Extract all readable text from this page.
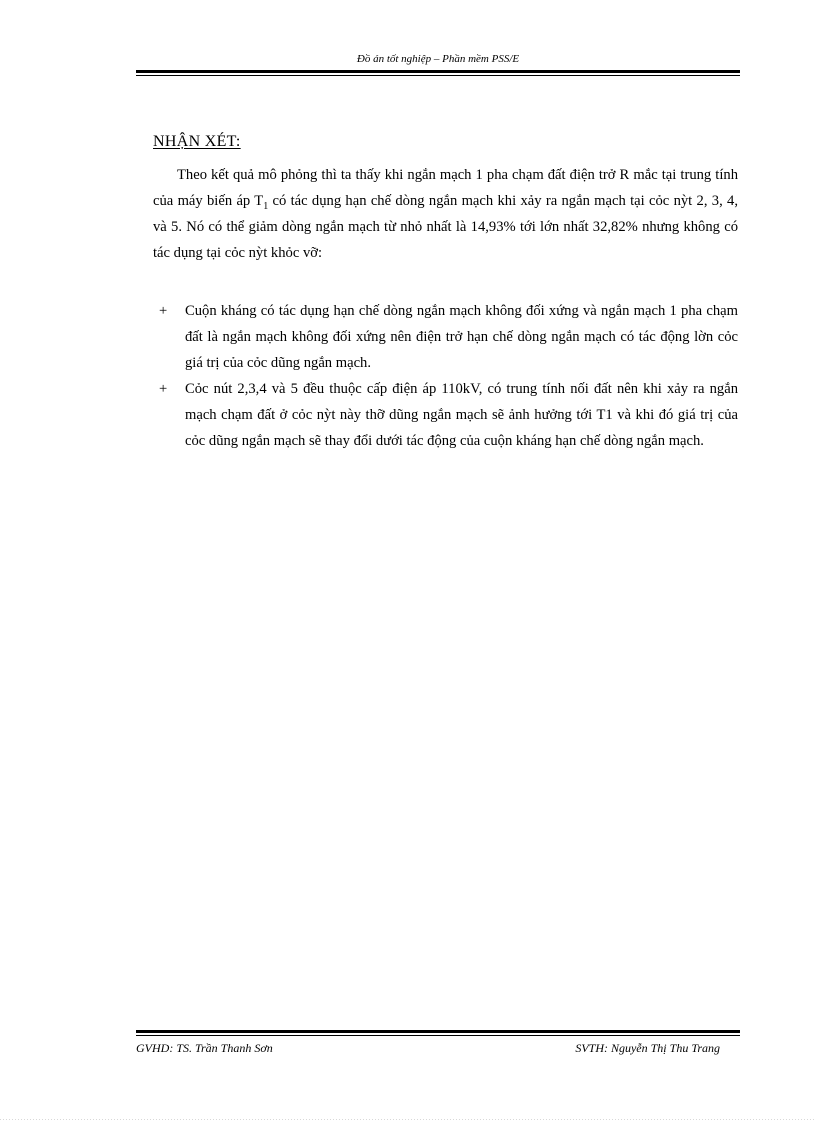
Đồ án tốt nghiệp – Phần mềm PSS/E
NHẬN XÉT:

Theo kết quả mô phỏng thì ta thấy khi ngắn mạch 1 pha chạm đất điện trở R mắc tại trung tính của máy biến áp $T_1$ có tác dụng hạn chế dòng ngắn mạch khi xảy ra ngắn mạch tại cỏc nỳt 2, 3, 4, và 5. Nó có thể giảm dòng ngắn mạch từ nhỏ nhất là 14,93% tới lớn nhất 32,82% nhưng không có tác dụng tại cỏc nỳt khỏc vỡ:

+ Cuộn kháng có tác dụng hạn chế dòng ngắn mạch không đối xứng và ngắn mạch 1 pha chạm đất là ngắn mạch không đối xứng nên điện trở hạn chế dòng ngắn mạch có tác động lờn cỏc giá trị của cỏc dũng ngắn mạch.
+ Cỏc nút 2,3,4 và 5 đều thuộc cấp điện áp 110kV, có trung tính nối đất nên khi xảy ra ngắn mạch chạm đất ở cỏc nỳt này thỡ dũng ngắn mạch sẽ ảnh hưởng tới T1 và khi đó giá trị của cỏc dũng ngắn mạch sẽ thay đổi dưới tác động của cuộn kháng hạn chế dòng ngắn mạch.
GVHD: TS. Trần Thanh Sơn	SVTH: Nguyễn Thị Thu Trang
